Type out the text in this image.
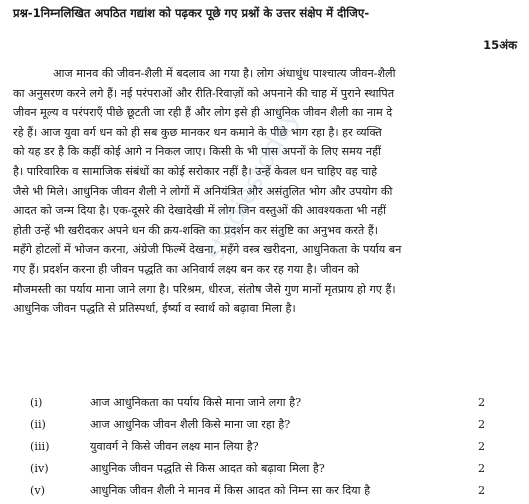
प्रश्न-1निम्नलिखित अपठित गद्यांश को पढ़कर पूछे गए प्रश्नों के उत्तर संक्षेप में दीजिए-
15अंक
आज मानव की जीवन-शैली में बदलाव आ गया है। लोग अंधाधुंध पाश्चात्य जीवन-शैली
का अनुसरण करने लगे हैं। नई परंपराओं और रीति-रिवाज़ों को अपनाने की चाह में पुराने स्थापित
जीवन मूल्य व परंपराएँ पीछे छूटती जा रही हैं और लोग इसे ही आधुनिक जीवन शैली का नाम दे
रहे हैं। आज युवा वर्ग धन को ही सब कुछ मानकर धन कमाने के पीछे भाग रहा है। हर व्यक्ति
को यह डर है कि कहीं कोई आगे न निकल जाए। किसी के भी पास अपनों के लिए समय नहीं
है। पारिवारिक व सामाजिक संबंधों का कोई सरोकार नहीं है। उन्हें केवल धन चाहिए वह चाहे
जैसे भी मिले। आधुनिक जीवन शैली ने लोगों में अनियंत्रित और असंतुलित भोग और उपयोग की
आदत को जन्म दिया है। एक-दूसरे की देखादेखी में लोग जिन वस्तुओं की आवश्यकता भी नहीं
होती उन्हें भी खरीदकर अपने धन की क्रय-शक्ति का प्रदर्शन कर संतुष्टि का अनुभव करते हैं।
महँगे होटलों में भोजन करना, अंग्रेजी फिल्में देखना, महँगे वस्त्र खरीदना, आधुनिकता के पर्याय बन
गए हैं। प्रदर्शन करना ही जीवन पद्धति का अनिवार्य लक्ष्य बन कर रह गया है। जीवन को
मौजमस्ती का पर्याय माना जाने लगा है। परिश्रम, धीरज, संतोष जैसे गुण मानों मृतप्राय हो गए हैं।
आधुनिक जीवन पद्धति से प्रतिस्पर्धा, ईर्ष्या व स्वार्थ को बढ़ावा मिला है।
studiestoday
(i)	आज आधुनिकता का पर्याय किसे माना जाने लगा है?	2
(ii)	आज आधुनिक जीवन शैली किसे माना जा रहा है?	2
(iii)	युवावर्ग ने किसे जीवन लक्ष्य मान लिया है?	2
(iv)	आधुनिक जीवन पद्धति से किस आदत को बढ़ावा मिला है?	2
(v)	आधुनिक जीवन शैली ने मानव में किस आदत को निम्न सा कर दिया है	2
